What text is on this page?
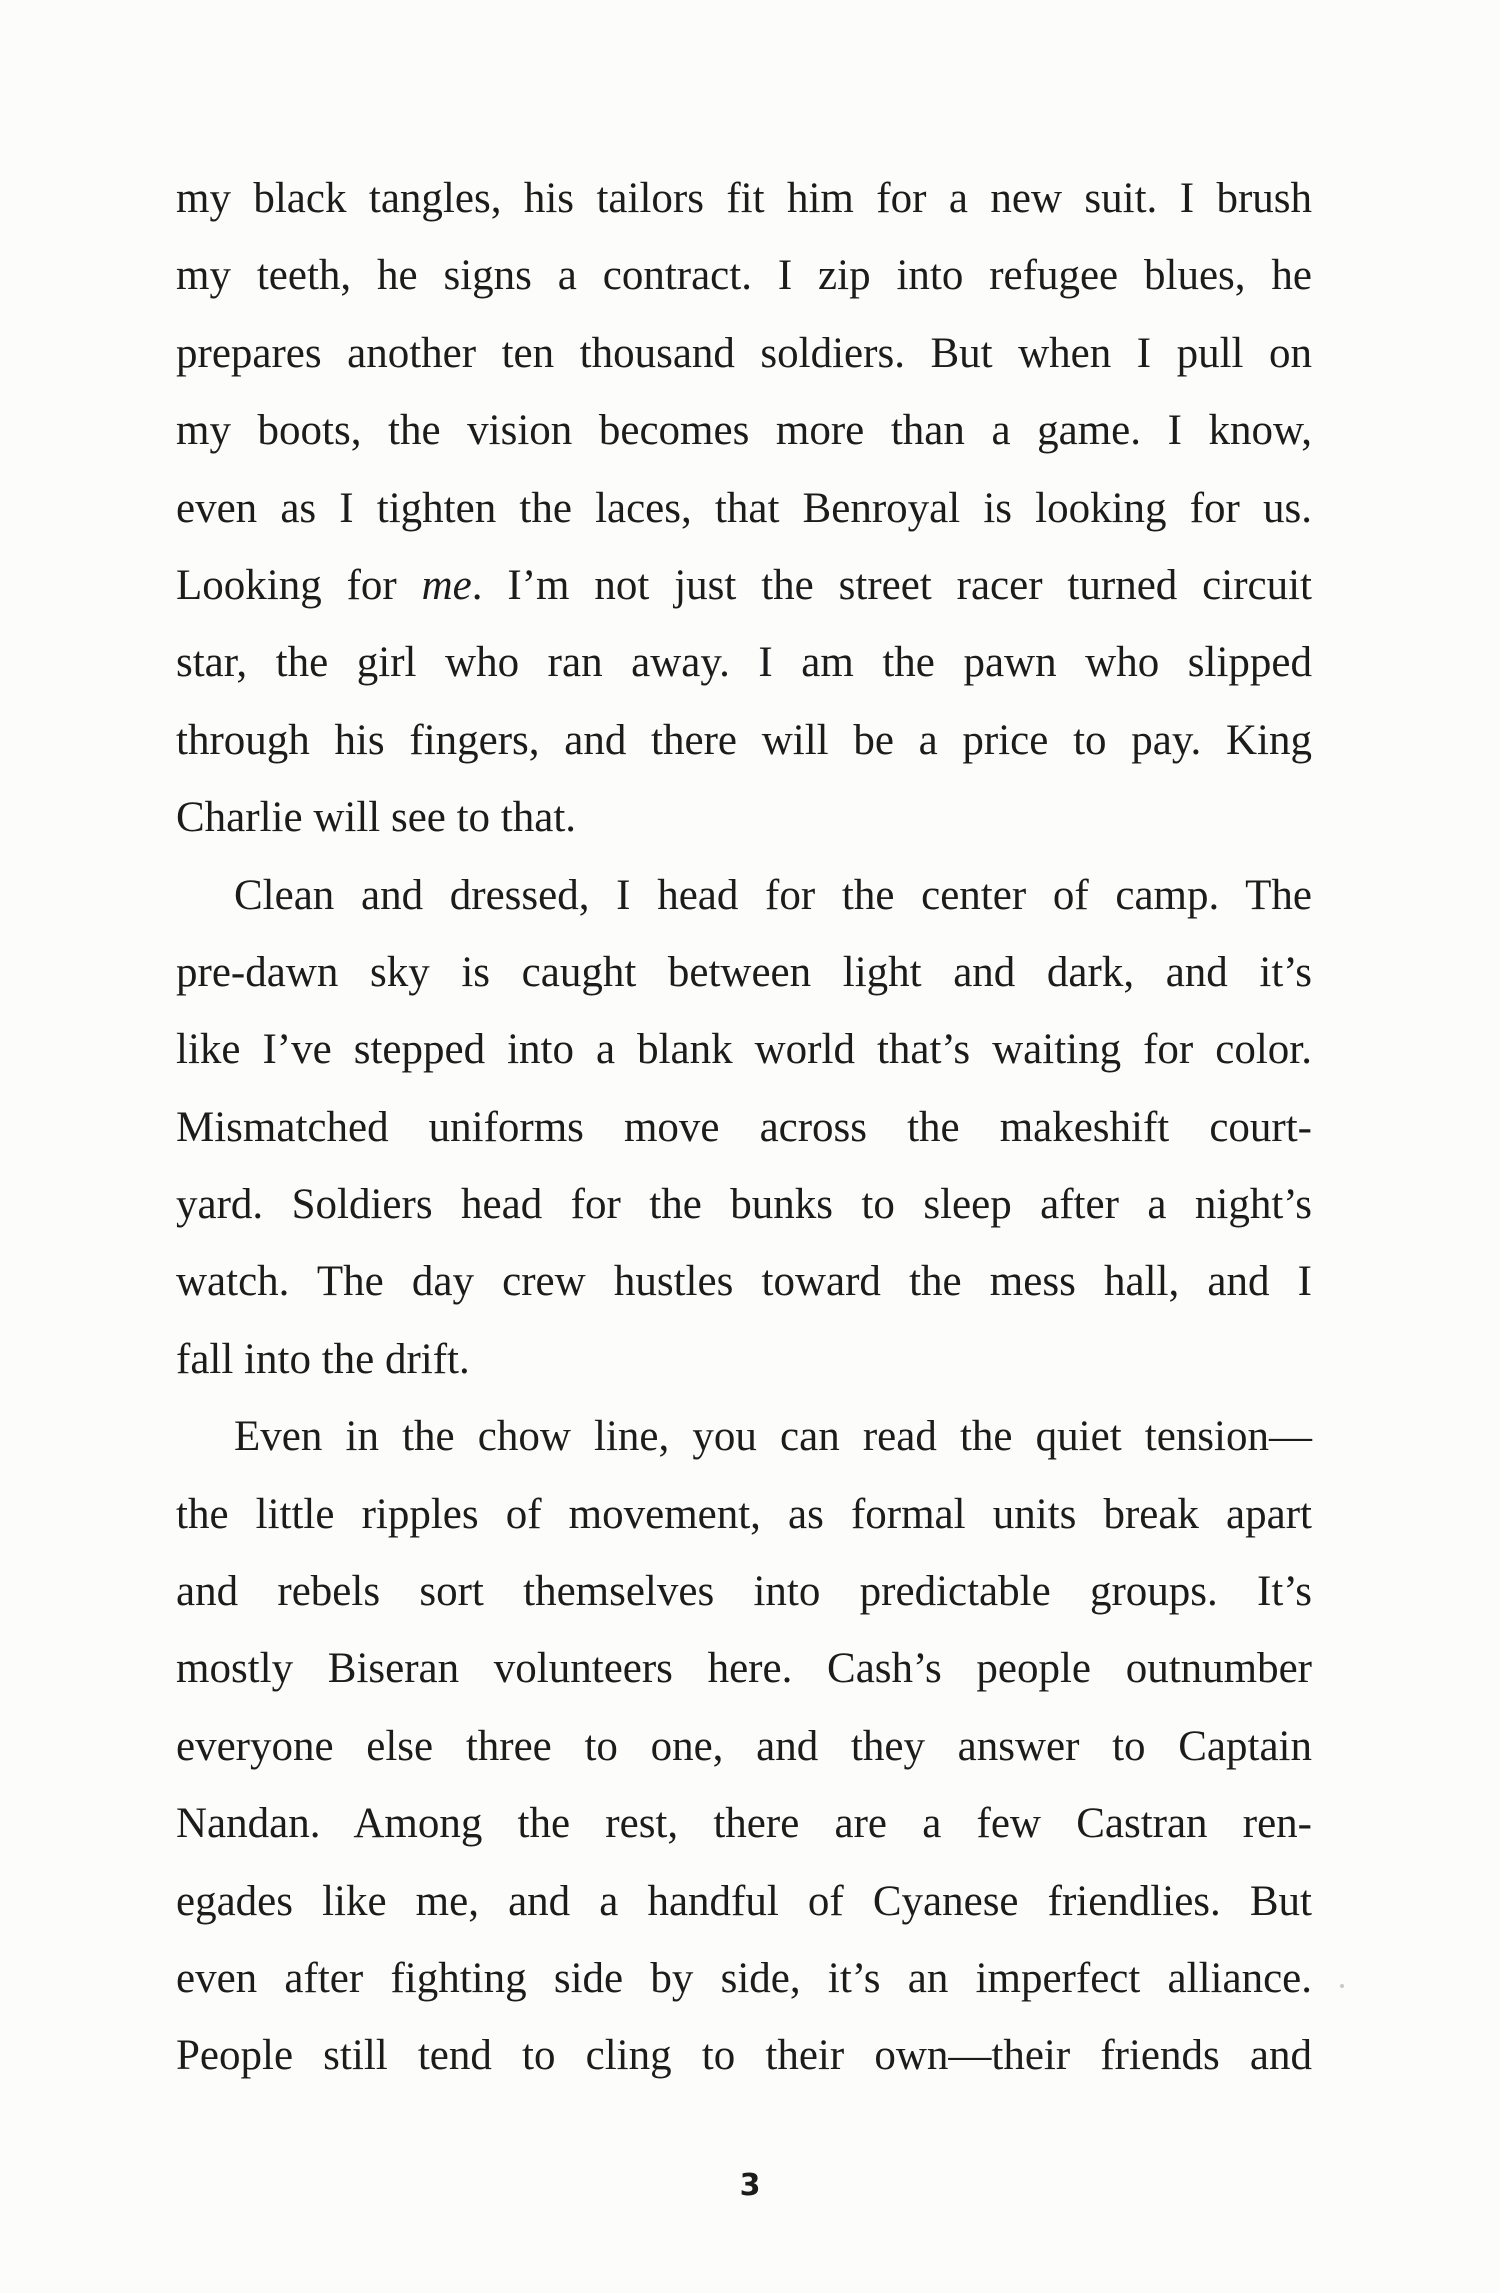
my black tangles, his tailors fit him for a new suit. I brush
my teeth, he signs a contract. I zip into refugee blues, he
prepares another ten thousand soldiers. But when I pull on
my boots, the vision becomes more than a game. I know,
even as I tighten the laces, that Benroyal is looking for us.
Looking for me. I’m not just the street racer turned circuit
star, the girl who ran away. I am the pawn who slipped
through his fingers, and there will be a price to pay. King
Charlie will see to that.
Clean and dressed, I head for the center of camp. The
pre-dawn sky is caught between light and dark, and it’s
like I’ve stepped into a blank world that’s waiting for color.
Mismatched uniforms move across the makeshift court-
yard. Soldiers head for the bunks to sleep after a night’s
watch. The day crew hustles toward the mess hall, and I
fall into the drift.
Even in the chow line, you can read the quiet tension—
the little ripples of movement, as formal units break apart
and rebels sort themselves into predictable groups. It’s
mostly Biseran volunteers here. Cash’s people outnumber
everyone else three to one, and they answer to Captain
Nandan. Among the rest, there are a few Castran ren-
egades like me, and a handful of Cyanese friendlies. But
even after fighting side by side, it’s an imperfect alliance.
People still tend to cling to their own—their friends and
3
